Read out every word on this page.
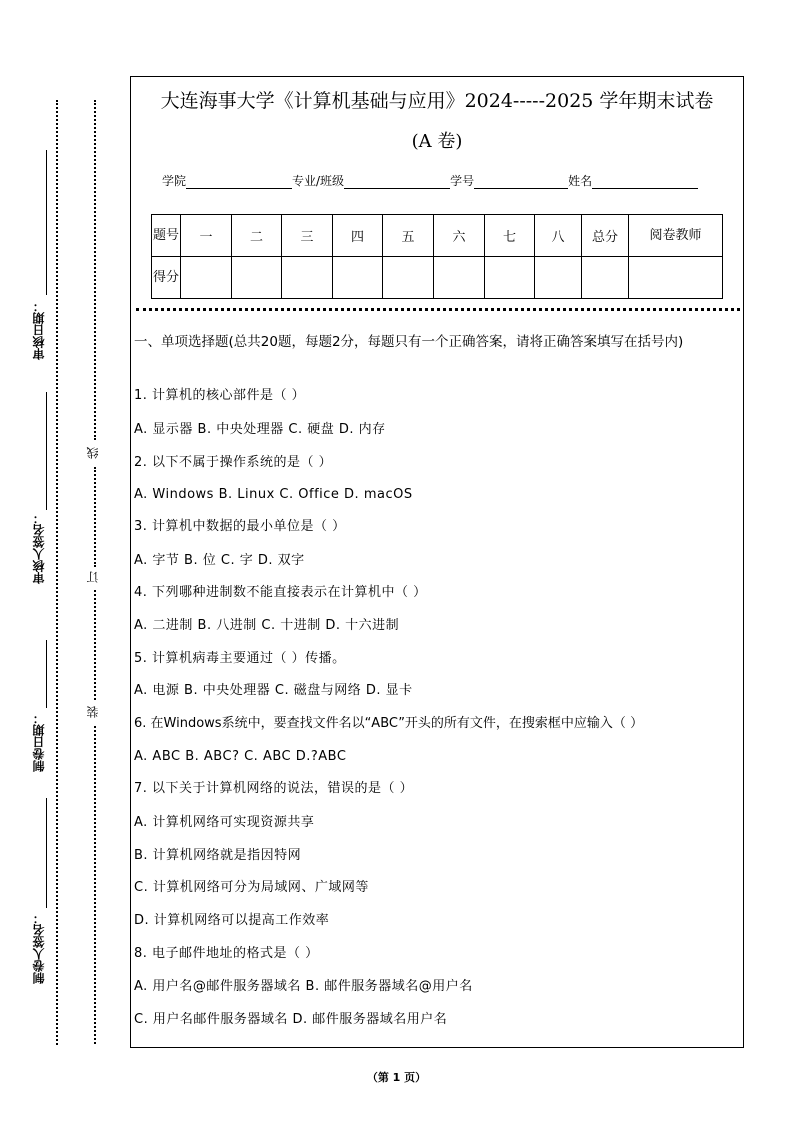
审核日期：
审核人签名：
制卷日期：
制卷人签名：
线
订
装
大连海事大学《计算机基础与应用》2024-----2025 学年期末试卷
(A 卷)
学院	专业/班级	学号	姓名
题号	一	二	三	四	五	六	七	八	总分	阅卷教师
得分										
一、单项选择题(总共20题，每题2分，每题只有一个正确答案，请将正确答案填写在括号内)
1. 计算机的核心部件是（ ）
A. 显示器 B. 中央处理器 C. 硬盘 D. 内存
2. 以下不属于操作系统的是（ ）
A. Windows B. Linux C. Office D. macOS
3. 计算机中数据的最小单位是（ ）
A. 字节 B. 位 C. 字 D. 双字
4. 下列哪种进制数不能直接表示在计算机中（ ）
A. 二进制 B. 八进制 C. 十进制 D. 十六进制
5. 计算机病毒主要通过（ ）传播。
A. 电源 B. 中央处理器 C. 磁盘与网络 D. 显卡
6. 在Windows系统中，要查找文件名以“ABC”开头的所有文件，在搜索框中应输入（ ）
A. ABC B. ABC? C. ABC D.?ABC
7. 以下关于计算机网络的说法，错误的是（ ）
A. 计算机网络可实现资源共享
B. 计算机网络就是指因特网
C. 计算机网络可分为局域网、广域网等
D. 计算机网络可以提高工作效率
8. 电子邮件地址的格式是（ ）
A. 用户名@邮件服务器域名 B. 邮件服务器域名@用户名
C. 用户名邮件服务器域名 D. 邮件服务器域名用户名
（第 1 页）
